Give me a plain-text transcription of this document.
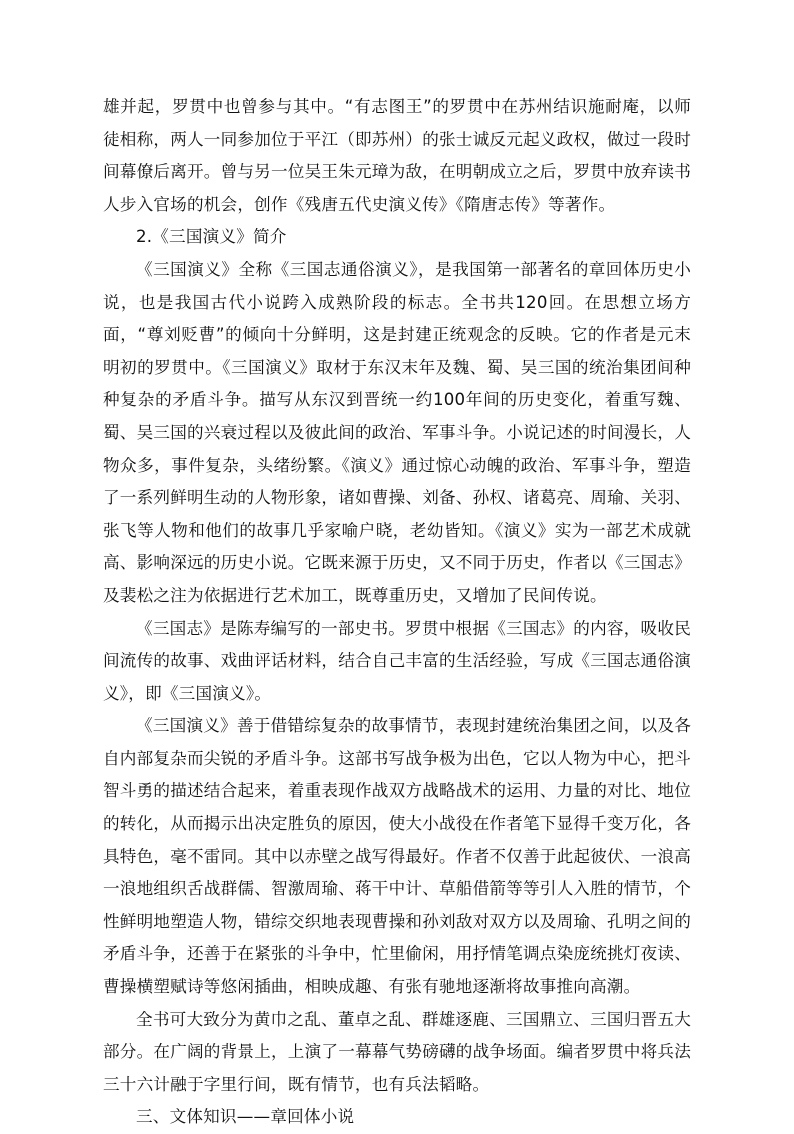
雄并起，罗贯中也曾参与其中。“有志图王”的罗贯中在苏州结识施耐庵，以师徒相称，两人一同参加位于平江（即苏州）的张士诚反元起义政权，做过一段时间幕僚后离开。曾与另一位吴王朱元璋为敌，在明朝成立之后，罗贯中放弃读书人步入官场的机会，创作《残唐五代史演义传》《隋唐志传》等著作。

2.《三国演义》简介

《三国演义》全称《三国志通俗演义》，是我国第一部著名的章回体历史小说，也是我国古代小说跨入成熟阶段的标志。全书共120回。在思想立场方面，“尊刘贬曹”的倾向十分鲜明，这是封建正统观念的反映。它的作者是元末明初的罗贯中。《三国演义》取材于东汉末年及魏、蜀、吴三国的统治集团间种种复杂的矛盾斗争。描写从东汉到晋统一约100年间的历史变化，着重写魏、蜀、吴三国的兴衰过程以及彼此间的政治、军事斗争。小说记述的时间漫长，人物众多，事件复杂，头绪纷繁。《演义》通过惊心动魄的政治、军事斗争，塑造了一系列鲜明生动的人物形象，诸如曹操、刘备、孙权、诸葛亮、周瑜、关羽、张飞等人物和他们的故事几乎家喻户晓，老幼皆知。《演义》实为一部艺术成就高、影响深远的历史小说。它既来源于历史，又不同于历史，作者以《三国志》及裴松之注为依据进行艺术加工，既尊重历史，又增加了民间传说。

《三国志》是陈寿编写的一部史书。罗贯中根据《三国志》的内容，吸收民间流传的故事、戏曲评话材料，结合自己丰富的生活经验，写成《三国志通俗演义》，即《三国演义》。

《三国演义》善于借错综复杂的故事情节，表现封建统治集团之间，以及各自内部复杂而尖锐的矛盾斗争。这部书写战争极为出色，它以人物为中心，把斗智斗勇的描述结合起来，着重表现作战双方战略战术的运用、力量的对比、地位的转化，从而揭示出决定胜负的原因，使大小战役在作者笔下显得千变万化，各具特色，毫不雷同。其中以赤壁之战写得最好。作者不仅善于此起彼伏、一浪高一浪地组织舌战群儒、智激周瑜、蒋干中计、草船借箭等等引人入胜的情节，个性鲜明地塑造人物，错综交织地表现曹操和孙刘敌对双方以及周瑜、孔明之间的矛盾斗争，还善于在紧张的斗争中，忙里偷闲，用抒情笔调点染庞统挑灯夜读、曹操横塑赋诗等悠闲插曲，相映成趣、有张有驰地逐渐将故事推向高潮。

全书可大致分为黄巾之乱、董卓之乱、群雄逐鹿、三国鼎立、三国归晋五大部分。在广阔的背景上，上演了一幕幕气势磅礴的战争场面。编者罗贯中将兵法三十六计融于字里行间，既有情节，也有兵法韬略。

三、文体知识——章回体小说
